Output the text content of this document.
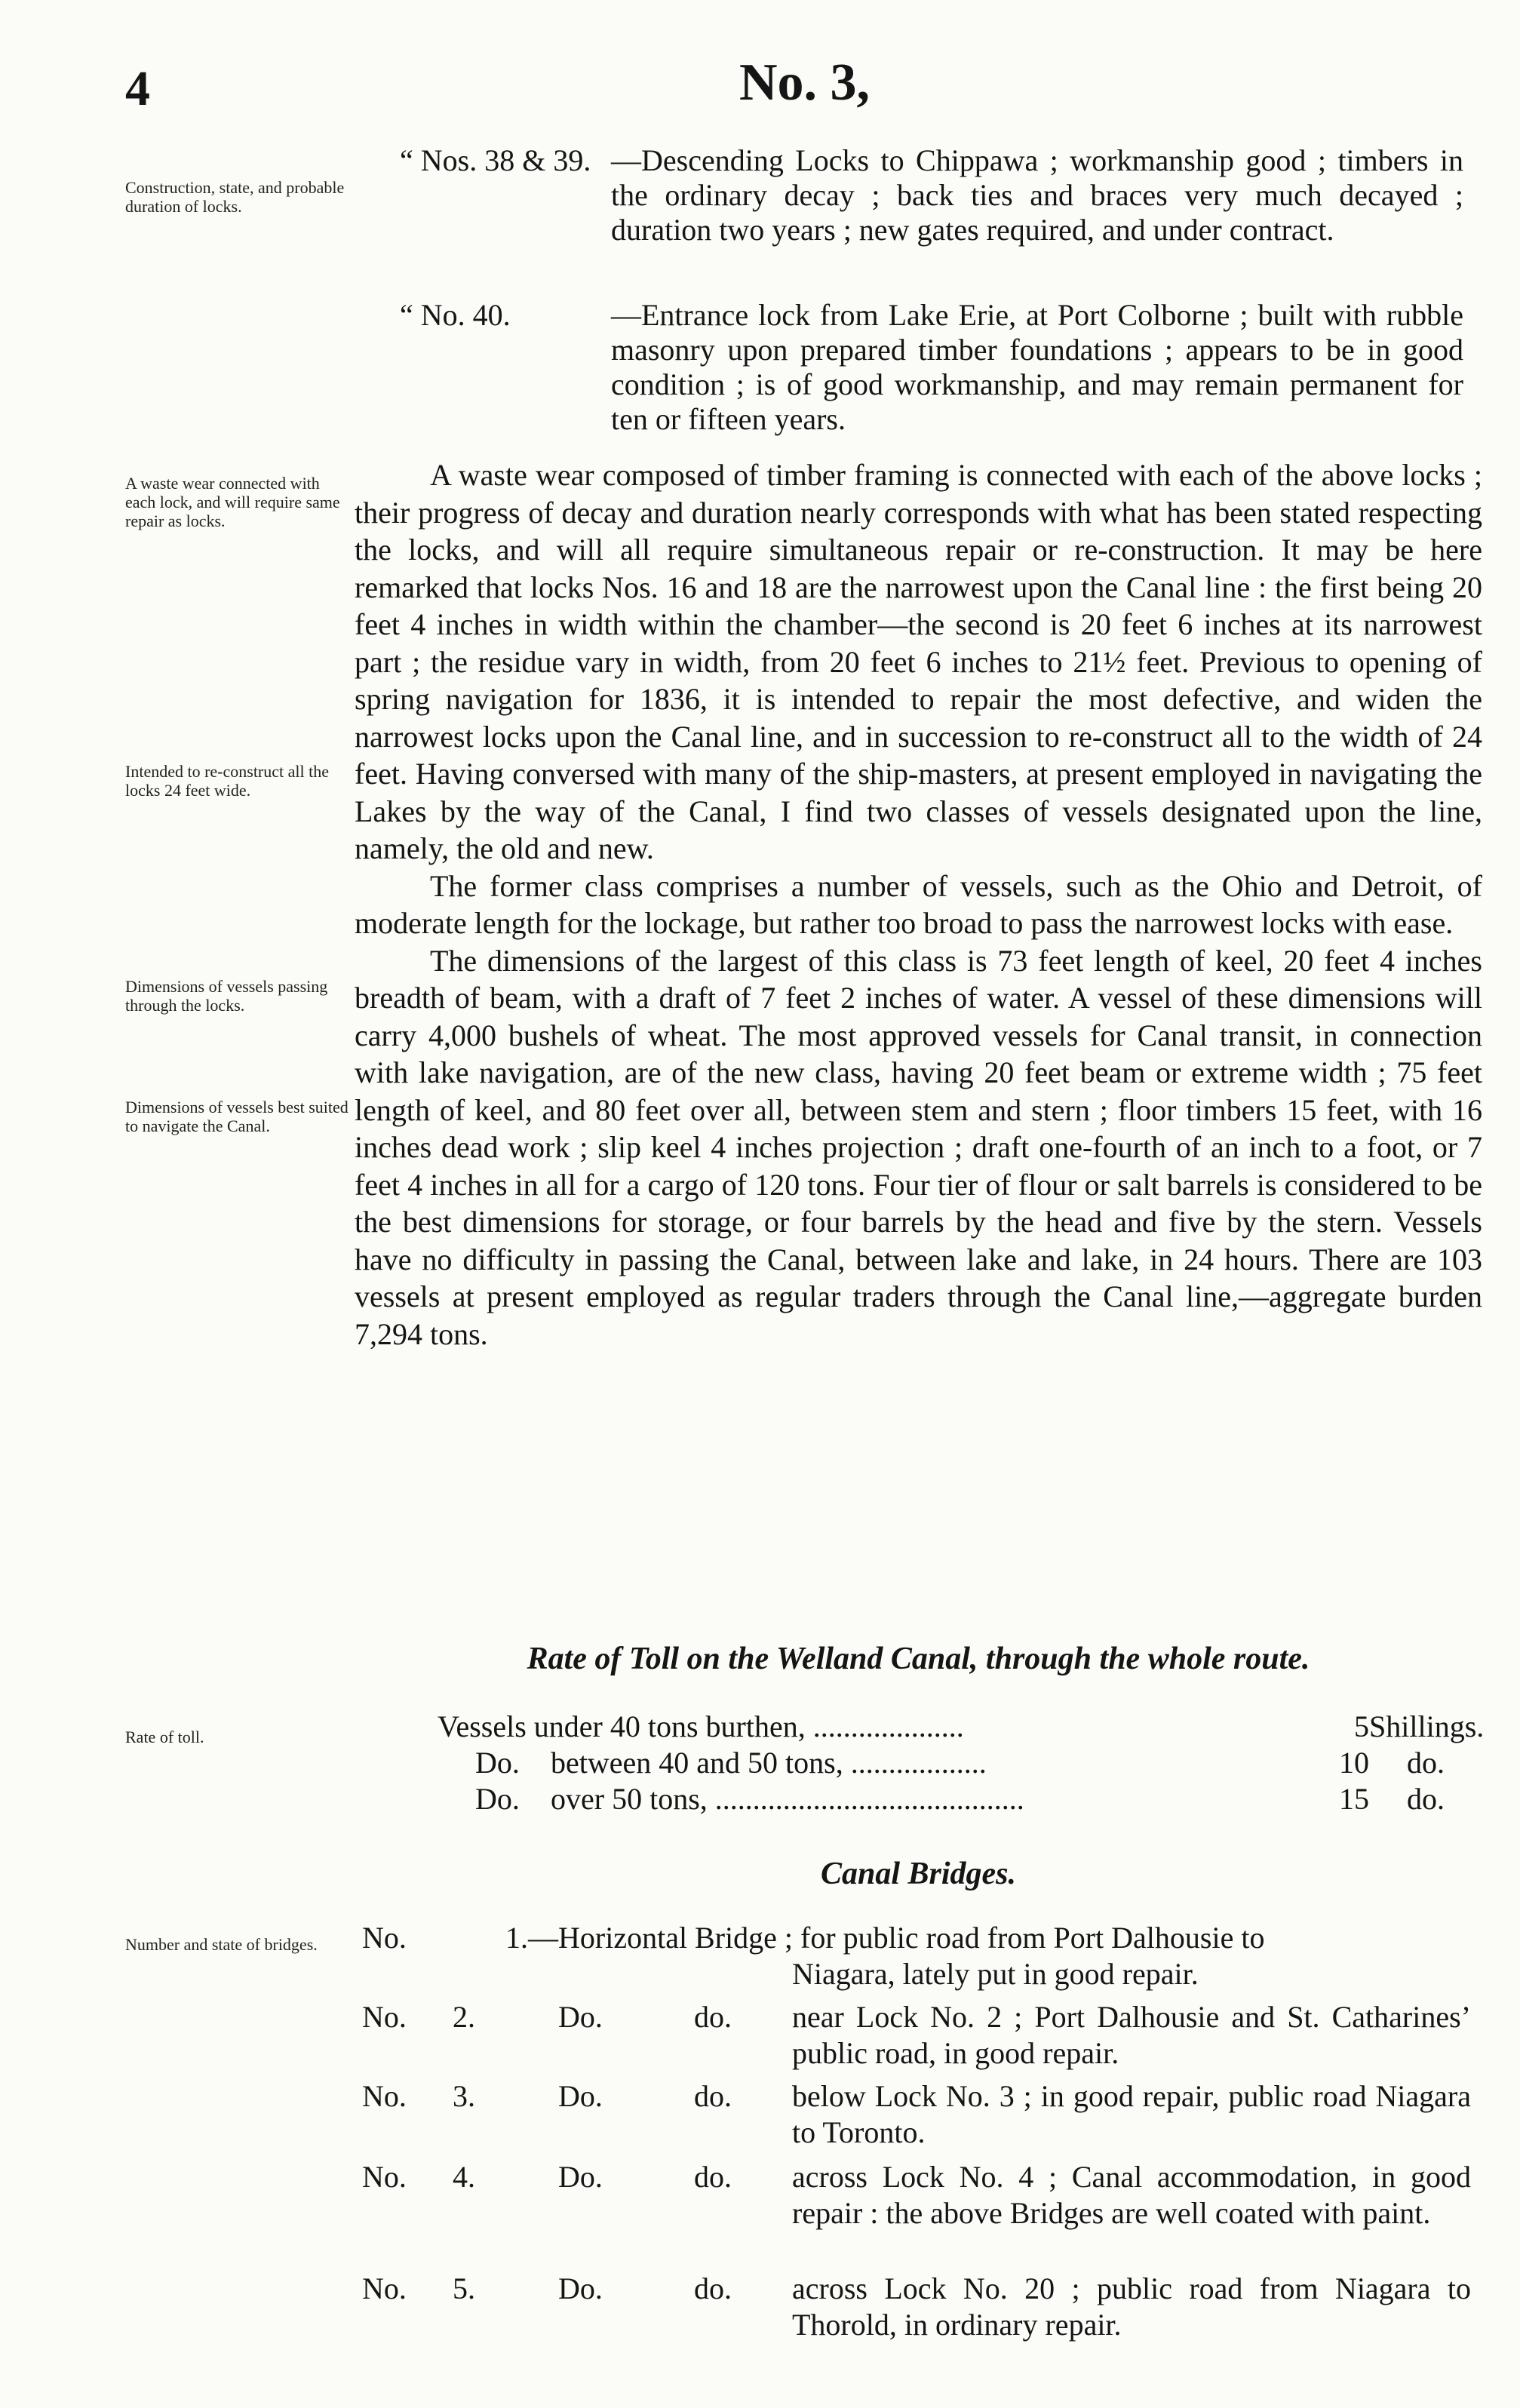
4	No. 3,
Construction, state, and probable duration of locks.
A waste wear connected with each lock, and will require same repair as locks.
Intended to re-construct all the locks 24 feet wide.
Dimensions of vessels passing through the locks.
Dimensions of vessels best suited to navigate the Canal.
Rate of toll.
Number and state of bridges.
“ Nos. 38 & 39. —Descending Locks to Chippawa ; workmanship good ; timbers in the ordinary decay ; back ties and braces very much decayed ; duration two years ; new gates required, and under contract.
“ No. 40.	—Entrance lock from Lake Erie, at Port Colborne ; built with rubble masonry upon prepared timber foundations ; appears to be in good condition ; is of good workmanship, and may remain permanent for ten or fifteen years.

A waste wear composed of timber framing is connected with each of the above locks ; their progress of decay and duration nearly corresponds with what has been stated respecting the locks, and will all require simultaneous repair or re-construction. It may be here remarked that locks Nos. 16 and 18 are the narrowest upon the Canal line : the first being 20 feet 4 inches in width within the chamber—the second is 20 feet 6 inches at its narrowest part ; the residue vary in width, from 20 feet 6 inches to 21½ feet. Previous to opening of spring navigation for 1836, it is intended to repair the most defective, and widen the narrowest locks upon the Canal line, and in succession to re-construct all to the width of 24 feet. Having conversed with many of the ship-masters, at present employed in navigating the Lakes by the way of the Canal, I find two classes of vessels designated upon the line, namely, the old and new.

The former class comprises a number of vessels, such as the Ohio and Detroit, of moderate length for the lockage, but rather too broad to pass the narrowest locks with ease.

The dimensions of the largest of this class is 73 feet length of keel, 20 feet 4 inches breadth of beam, with a draft of 7 feet 2 inches of water. A vessel of these dimensions will carry 4,000 bushels of wheat. The most approved vessels for Canal transit, in connection with lake navigation, are of the new class, having 20 feet beam or extreme width ; 75 feet length of keel, and 80 feet over all, between stem and stern ; floor timbers 15 feet, with 16 inches dead work ; slip keel 4 inches projection ; draft one-fourth of an inch to a foot, or 7 feet 4 inches in all for a cargo of 120 tons. Four tier of flour or salt barrels is considered to be the best dimensions for storage, or four barrels by the head and five by the stern. Vessels have no difficulty in passing the Canal, between lake and lake, in 24 hours. There are 103 vessels at present employed as regular traders through the Canal line,—aggregate burden 7,294 tons.

Rate of Toll on the Welland Canal, through the whole route.
Vessels under 40 tons burthen, ....................	5 Shillings.
Do.	between 40 and 50 tons, ..................	10	do.
Do.	over 50 tons, .........................................	15	do.
Canal Bridges.
No.	1.—Horizontal Bridge ; for public road from Port Dalhousie to
Niagara, lately put in good repair.
No.	2.	Do.	do.	near Lock No. 2 ; Port Dalhousie and St. Catharines’ public road, in good repair.
No.	3.	Do.	do.	below Lock No. 3 ; in good repair, public road Niagara to Toronto.
No.	4.	Do.	do.	across Lock No. 4 ; Canal accommodation, in good repair : the above Bridges are well coated with paint.
No.	5.	Do.	do.	across Lock No. 20 ; public road from Niagara to Thorold, in ordinary repair.
